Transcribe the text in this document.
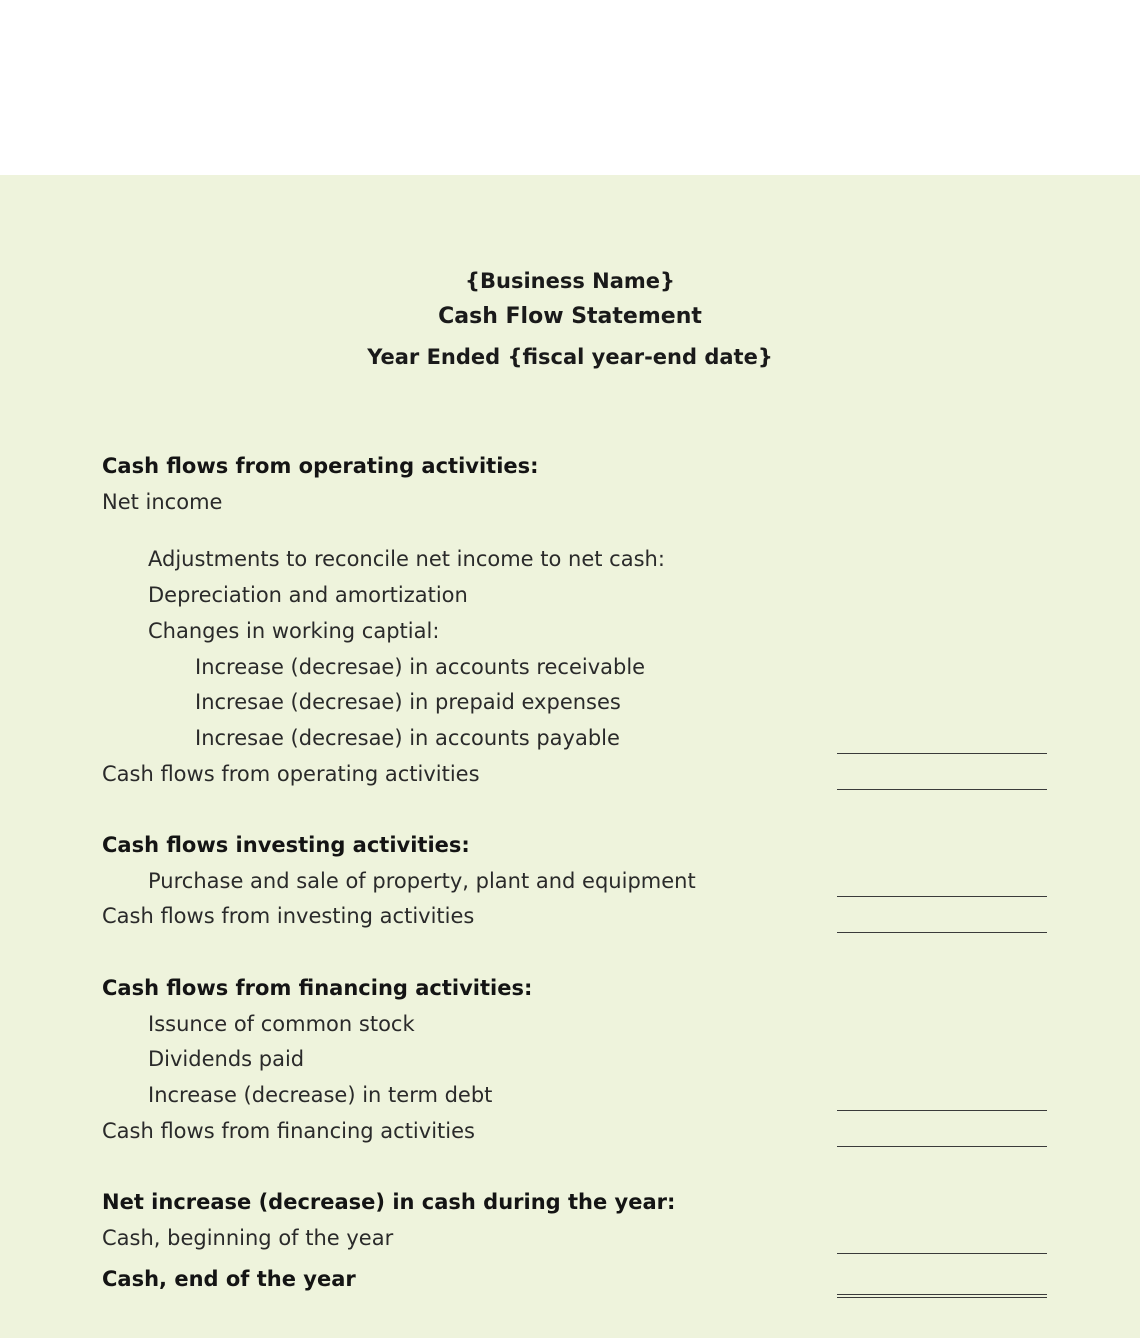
{Business Name}
Cash Flow Statement
Year Ended {fiscal year-end date}
Cash flows from operating activities:
Net income
Adjustments to reconcile net income to net cash:
Depreciation and amortization
Changes in working captial:
Increase (decresae) in accounts receivable
Incresae (decresae) in prepaid expenses
Incresae (decresae) in accounts payable
Cash flows from operating activities
Cash flows investing activities:
Purchase and sale of property, plant and equipment
Cash flows from investing activities
Cash flows from financing activities:
Issunce of common stock
Dividends paid
Increase (decrease) in term debt
Cash flows from financing activities
Net increase (decrease) in cash during the year:
Cash, beginning of the year
Cash, end of the year
